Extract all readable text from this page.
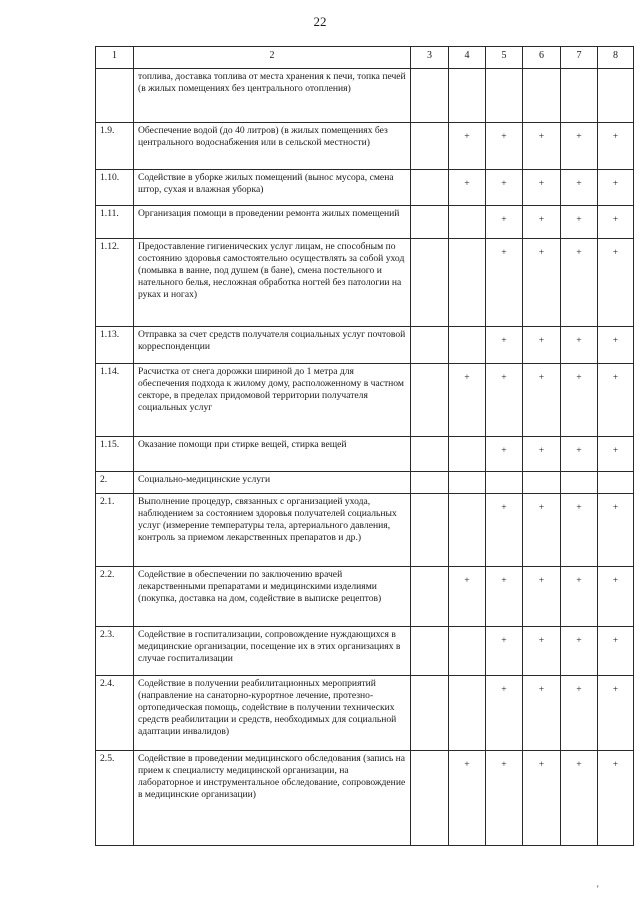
22
1	2	3	4	5	6	7	8
	топлива, доставка топлива от места хранения к печи, топка печей (в жилых помещениях без центрального отопления)						
1.9.	Обеспечение водой (до 40 литров) (в жилых помещениях без центрального водоснабжения или в сельской местности)		+	+	+	+	+
1.10.	Содействие в уборке жилых помещений (вынос мусора, смена штор, сухая и влажная уборка)		+	+	+	+	+
1.11.	Организация помощи в проведении ремонта жилых помещений			+	+	+	+
1.12.	Предоставление гигиенических услуг лицам, не способным по состоянию здоровья самостоятельно осуществлять за собой уход (помывка в ванне, под душем (в бане), смена постельного и нательного белья, несложная обработка ногтей без патологии на руках и ногах)			+	+	+	+
1.13.	Отправка за счет средств получателя социальных услуг почтовой корреспонденции			+	+	+	+
1.14.	Расчистка от снега дорожки шириной до 1 метра для обеспечения подхода к жилому дому, расположенному в частном секторе, в пределах придомовой территории получателя социальных услуг		+	+	+	+	+
1.15.	Оказание помощи при стирке вещей, стирка вещей			+	+	+	+
2.	Социально-медицинские услуги						
2.1.	Выполнение процедур, связанных с организацией ухода, наблюдением за состоянием здоровья получателей социальных услуг (измерение температуры тела, артериального давления, контроль за приемом лекарственных препаратов и др.)			+	+	+	+
2.2.	Содействие в обеспечении по заключению врачей лекарственными препаратами и медицинскими изделиями (покупка, доставка на дом, содействие в выписке рецептов)		+	+	+	+	+
2.3.	Содействие в госпитализации, сопровождение нуждающихся в медицинские организации, посещение их в этих организациях в случае госпитализации			+	+	+	+
2.4.	Содействие в получении реабилитационных мероприятий (направление на санаторно-курортное лечение, протезно-ортопедическая помощь, содействие в получении технических средств реабилитации и средств, необходимых для социальной адаптации инвалидов)			+	+	+	+
2.5.	Содействие в проведении медицинского обследования (запись на прием к специалисту медицинской организации, на лабораторное и инструментальное обследование, сопровождение в медицинские организации)		+	+	+	+	+
'
